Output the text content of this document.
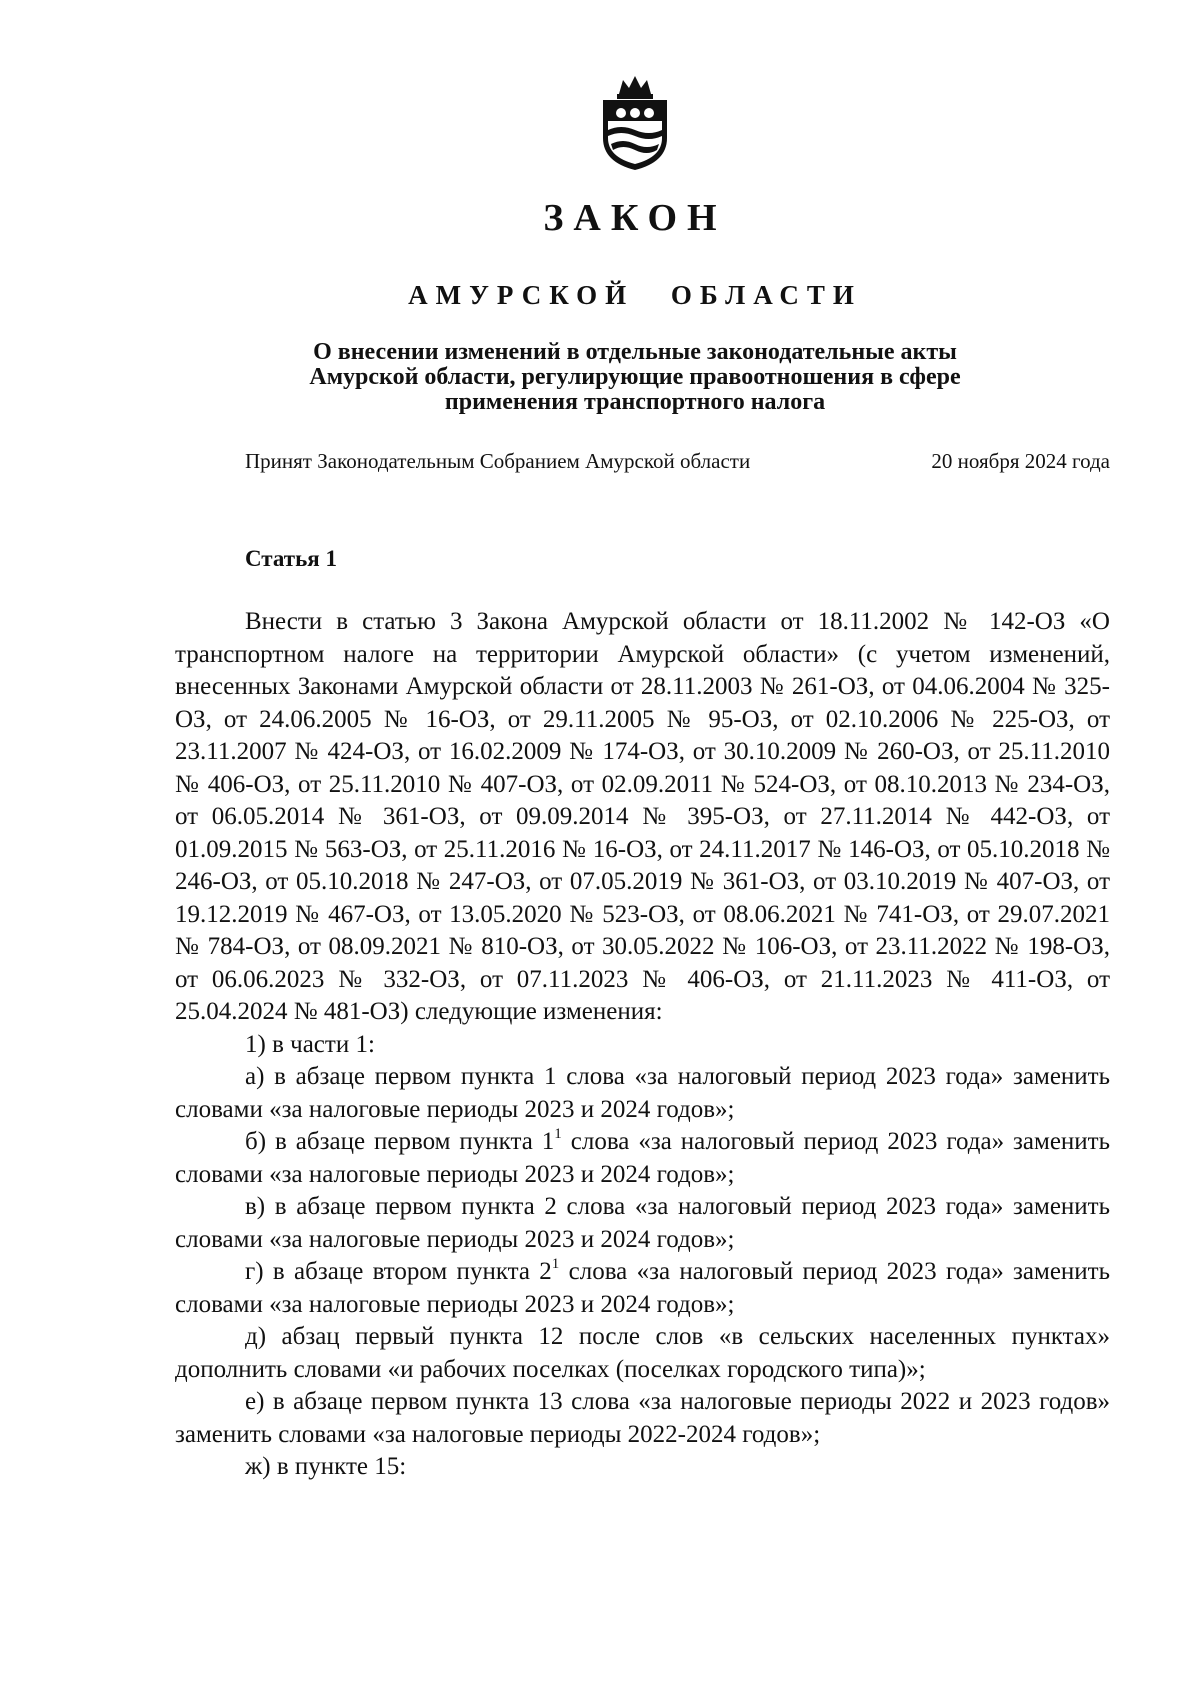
ЗАКОН
АМУРСКОЙ ОБЛАСТИ
О внесении изменений в отдельные законодательные акты
Амурской области, регулирующие правоотношения в сфере
применения транспортного налога
Принят Законодательным Собранием Амурской области	20 ноября 2024 года
Статья 1

Внести в статью 3 Закона Амурской области от 18.11.2002 № 142-ОЗ «О транспортном налоге на территории Амурской области» (с учетом изменений, внесенных Законами Амурской области от 28.11.2003 № 261-ОЗ, от 04.06.2004 № 325-ОЗ, от 24.06.2005 № 16-ОЗ, от 29.11.2005 № 95-ОЗ, от 02.10.2006 № 225-ОЗ, от 23.11.2007 № 424-ОЗ, от 16.02.2009 № 174-ОЗ, от 30.10.2009 № 260-ОЗ, от 25.11.2010 № 406-ОЗ, от 25.11.2010 № 407-ОЗ, от 02.09.2011 № 524-ОЗ, от 08.10.2013 № 234-ОЗ, от 06.05.2014 № 361-ОЗ, от 09.09.2014 № 395-ОЗ, от 27.11.2014 № 442-ОЗ, от 01.09.2015 № 563-ОЗ, от 25.11.2016 № 16-ОЗ, от 24.11.2017 № 146-ОЗ, от 05.10.2018 № 246-ОЗ, от 05.10.2018 № 247-ОЗ, от 07.05.2019 № 361-ОЗ, от 03.10.2019 № 407-ОЗ, от 19.12.2019 № 467-ОЗ, от 13.05.2020 № 523-ОЗ, от 08.06.2021 № 741-ОЗ, от 29.07.2021 № 784-ОЗ, от 08.09.2021 № 810-ОЗ, от 30.05.2022 № 106-ОЗ, от 23.11.2022 № 198-ОЗ, от 06.06.2023 № 332-ОЗ, от 07.11.2023 № 406-ОЗ, от 21.11.2023 № 411-ОЗ, от 25.04.2024 № 481-ОЗ) следующие изменения:

1) в части 1:

а) в абзаце первом пункта 1 слова «за налоговый период 2023 года» заменить словами «за налоговые периоды 2023 и 2024 годов»;

б) в абзаце первом пункта $1^1$ слова «за налоговый период 2023 года» заменить словами «за налоговые периоды 2023 и 2024 годов»;

в) в абзаце первом пункта 2 слова «за налоговый период 2023 года» заменить словами «за налоговые периоды 2023 и 2024 годов»;

г) в абзаце втором пункта $2^1$ слова «за налоговый период 2023 года» заменить словами «за налоговые периоды 2023 и 2024 годов»;

д) абзац первый пункта 12 после слов «в сельских населенных пунктах» дополнить словами «и рабочих поселках (поселках городского типа)»;

е) в абзаце первом пункта 13 слова «за налоговые периоды 2022 и 2023 годов» заменить словами «за налоговые периоды 2022-2024 годов»;

ж) в пункте 15:
